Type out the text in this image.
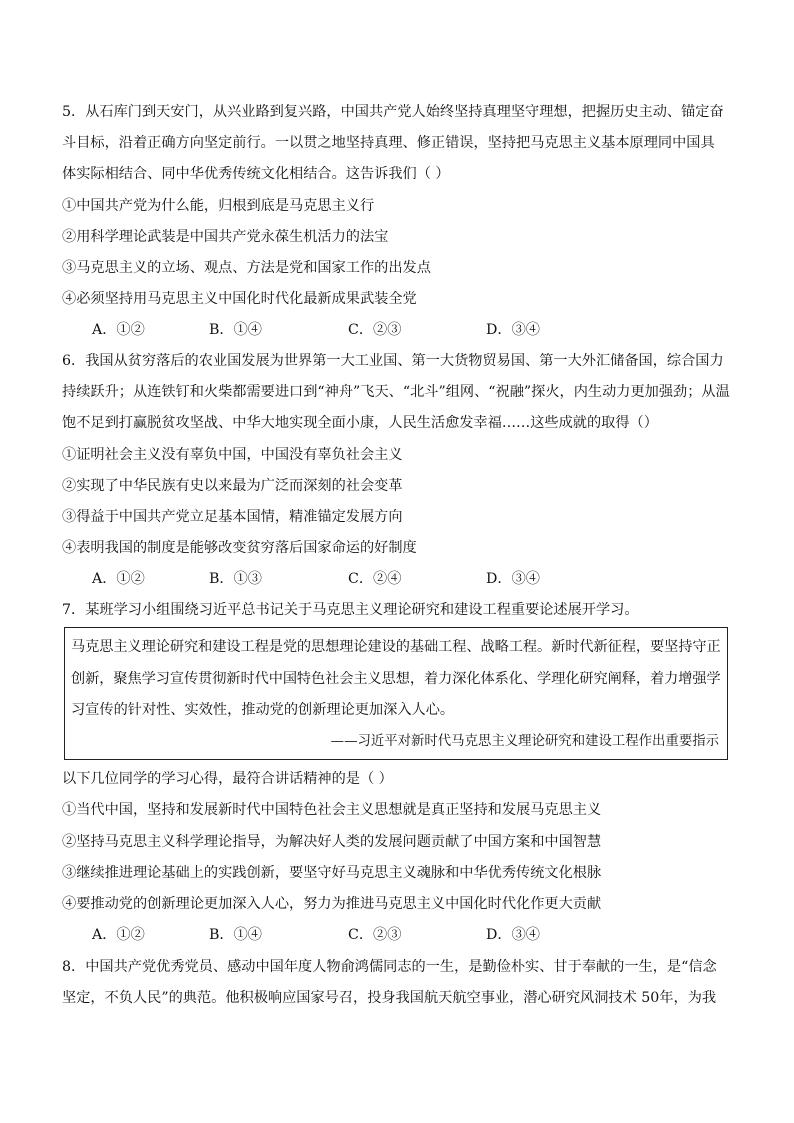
5．从石库门到天安门，从兴业路到复兴路，中国共产党人始终坚持真理坚守理想，把握历史主动、锚定奋
斗目标，沿着正确方向坚定前行。一以贯之地坚持真理、修正错误，坚持把马克思主义基本原理同中国具
体实际相结合、同中华优秀传统文化相结合。这告诉我们（ ）
①中国共产党为什么能，归根到底是马克思主义行
②用科学理论武装是中国共产党永葆生机活力的法宝
③马克思主义的立场、观点、方法是党和国家工作的出发点
④必须坚持用马克思主义中国化时代化最新成果武装全党
A．①②	B．①④	C．②③	D．③④
6．我国从贫穷落后的农业国发展为世界第一大工业国、第一大货物贸易国、第一大外汇储备国，综合国力
持续跃升；从连铁钉和火柴都需要进口到“神舟”飞天、“北斗”组网、“祝融”探火，内生动力更加强劲；从温
饱不足到打赢脱贫攻坚战、中华大地实现全面小康，人民生活愈发幸福……这些成就的取得（）
①证明社会主义没有辜负中国，中国没有辜负社会主义
②实现了中华民族有史以来最为广泛而深刻的社会变革
③得益于中国共产党立足基本国情，精准锚定发展方向
④表明我国的制度是能够改变贫穷落后国家命运的好制度
A．①②	B．①③	C．②④	D．③④
7．某班学习小组围绕习近平总书记关于马克思主义理论研究和建设工程重要论述展开学习。
马克思主义理论研究和建设工程是党的思想理论建设的基础工程、战略工程。新时代新征程，要坚持守正
创新，聚焦学习宣传贯彻新时代中国特色社会主义思想，着力深化体系化、学理化研究阐释，着力增强学
习宣传的针对性、实效性，推动党的创新理论更加深入人心。
——习近平对新时代马克思主义理论研究和建设工程作出重要指示
以下几位同学的学习心得，最符合讲话精神的是（ ）
①当代中国，坚持和发展新时代中国特色社会主义思想就是真正坚持和发展马克思主义
②坚持马克思主义科学理论指导，为解决好人类的发展问题贡献了中国方案和中国智慧
③继续推进理论基础上的实践创新，要坚守好马克思主义魂脉和中华优秀传统文化根脉
④要推动党的创新理论更加深入人心，努力为推进马克思主义中国化时代化作更大贡献
A．①②	B．①④	C．②③	D．③④
8．中国共产党优秀党员、感动中国年度人物俞鸿儒同志的一生，是勤俭朴实、甘于奉献的一生，是“信念
坚定，不负人民”的典范。他积极响应国家号召，投身我国航天航空事业，潜心研究风洞技术 50年，为我
